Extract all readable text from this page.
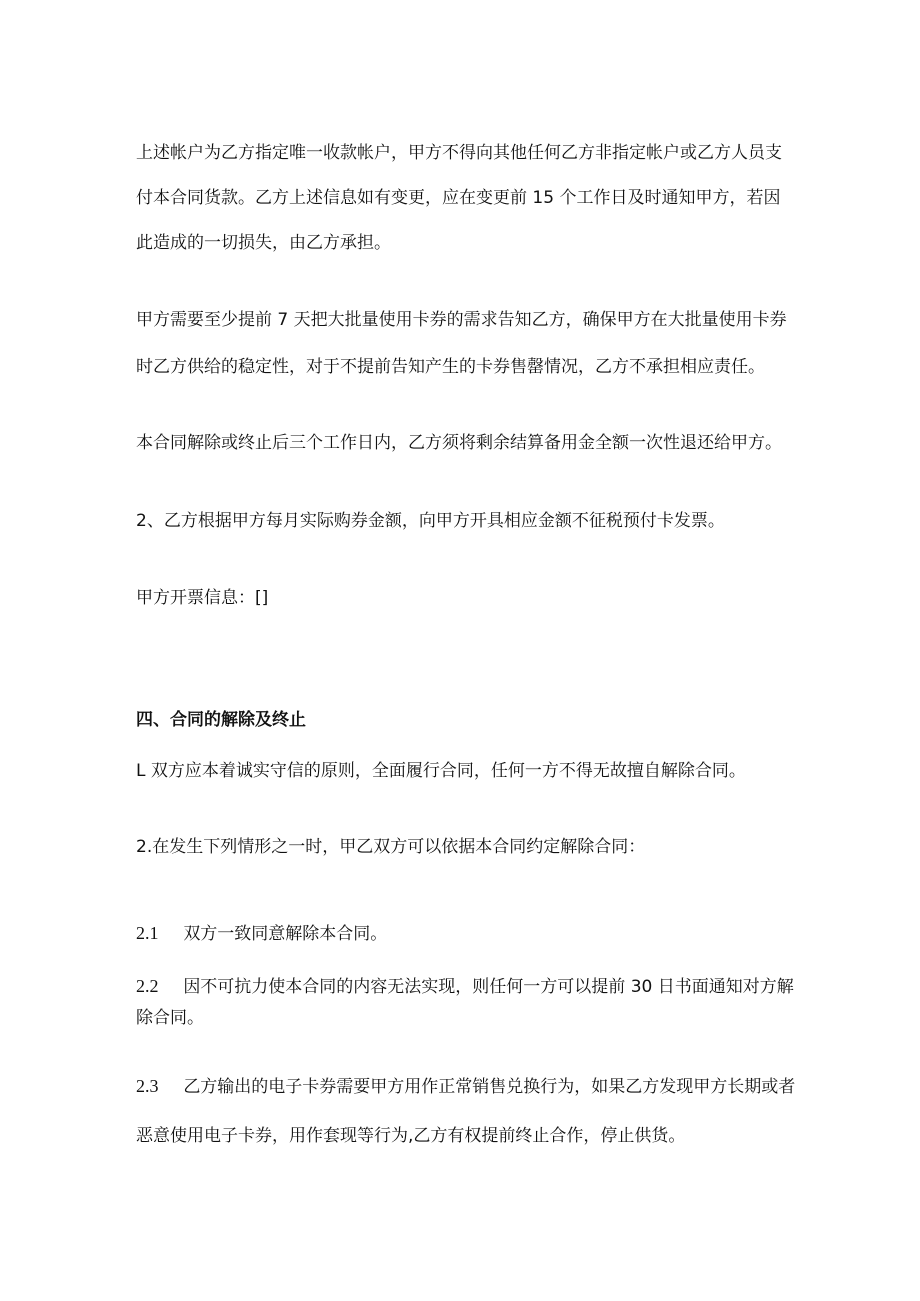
上述帐户为乙方指定唯一收款帐户，甲方不得向其他任何乙方非指定帐户或乙方人员支
付本合同货款。乙方上述信息如有变更，应在变更前 15 个工作日及时通知甲方，若因
此造成的一切损失，由乙方承担。
甲方需要至少提前 7 天把大批量使用卡券的需求告知乙方，确保甲方在大批量使用卡券
时乙方供给的稳定性，对于不提前告知产生的卡券售罄情况，乙方不承担相应责任。
本合同解除或终止后三个工作日内，乙方须将剩余结算备用金全额一次性退还给甲方。
2、乙方根据甲方每月实际购券金额，向甲方开具相应金额不征税预付卡发票。
甲方开票信息：[]
四、合同的解除及终止
L 双方应本着诚实守信的原则，全面履行合同，任何一方不得无故擅自解除合同。
2.在发生下列情形之一时，甲乙双方可以依据本合同约定解除合同：
2.1 双方一致同意解除本合同。
2.2 因不可抗力使本合同的内容无法实现，则任何一方可以提前 30 日书面通知对方解
除合同。
2.3 乙方输出的电子卡券需要甲方用作正常销售兑换行为，如果乙方发现甲方长期或者
恶意使用电子卡券，用作套现等行为,乙方有权提前终止合作，停止供货。
